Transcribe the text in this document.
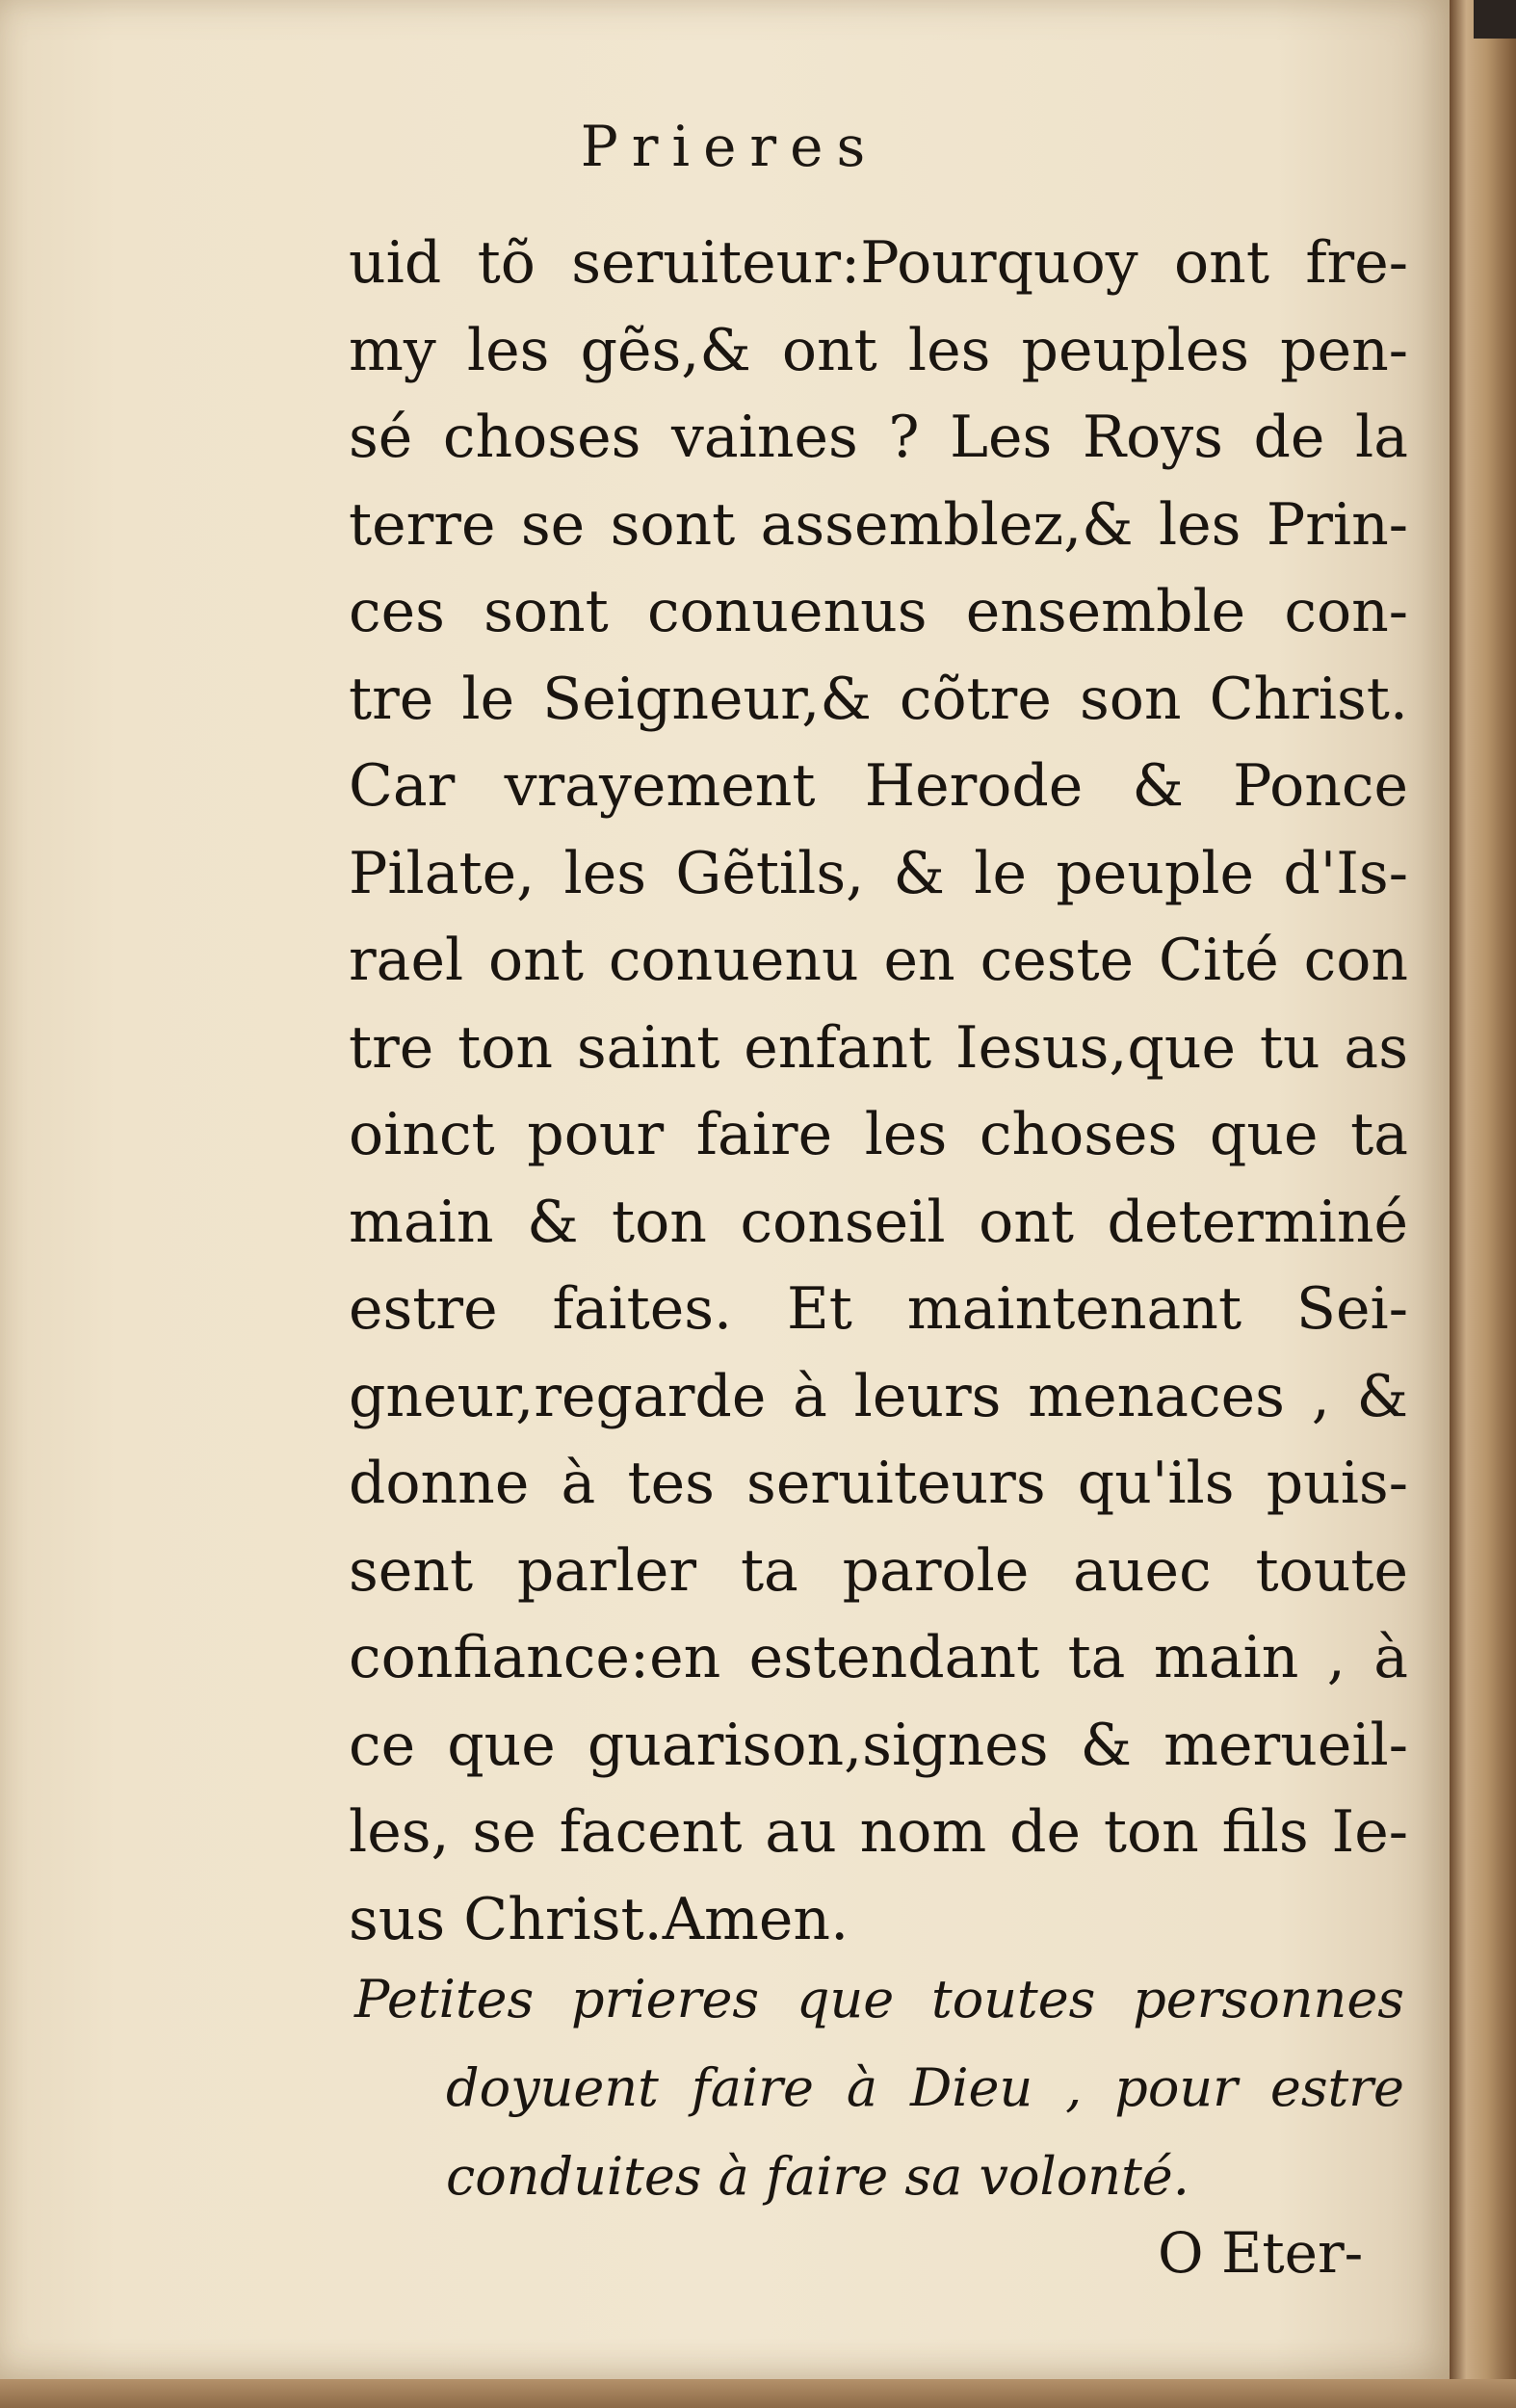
Prieres
uid tõ seruiteur:Pourquoy ont fre-
my les gẽs,& ont les peuples pen-
sé choses vaines ? Les Roys de la
terre se sont assemblez,& les Prin-
ces sont conuenus ensemble con-
tre le Seigneur,& cõtre son Christ.
Car vrayement Herode & Ponce
Pilate, les Gẽtils, & le peuple d'Is-
rael ont conuenu en ceste Cité con
tre ton saint enfant Iesus,que tu as
oinct pour faire les choses que ta
main & ton conseil ont determiné
estre faites. Et maintenant Sei-
gneur,regarde à leurs menaces , &
donne à tes seruiteurs qu'ils puis-
sent parler ta parole auec toute
confiance:en estendant ta main , à
ce que guarison,signes & merueil-
les, se facent au nom de ton fils Ie-
sus Christ.Amen.
Petites prieres que toutes personnes
doyuent faire à Dieu , pour estre
conduites à faire sa volonté.
O Eter-
